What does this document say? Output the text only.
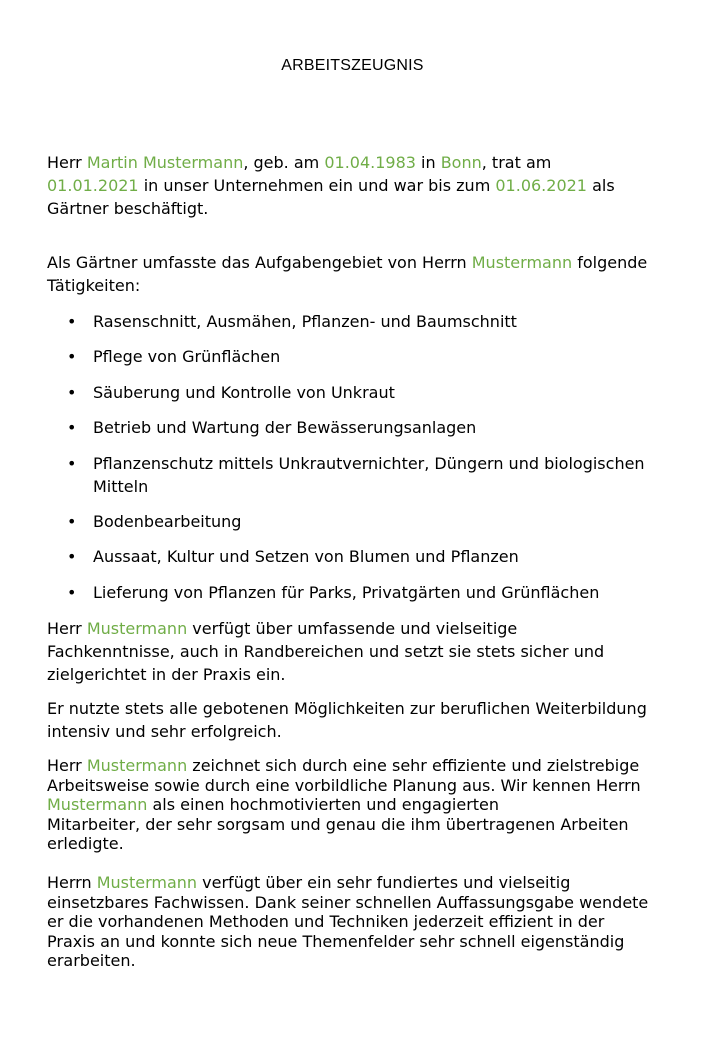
ARBEITSZEUGNIS
Herr Martin Mustermann, geb. am 01.04.1983 in Bonn, trat am
01.01.2021 in unser Unternehmen ein und war bis zum 01.06.2021 als
Gärtner beschäftigt.
Als Gärtner umfasste das Aufgabengebiet von Herrn Mustermann folgende
Tätigkeiten:
• Rasenschnitt, Ausmähen, Pflanzen- und Baumschnitt
• Pflege von Grünflächen
• Säuberung und Kontrolle von Unkraut
• Betrieb und Wartung der Bewässerungsanlagen
• Pflanzenschutz mittels Unkrautvernichter, Düngern und biologischen
Mitteln
• Bodenbearbeitung
• Aussaat, Kultur und Setzen von Blumen und Pflanzen
• Lieferung von Pflanzen für Parks, Privatgärten und Grünflächen
Herr Mustermann verfügt über umfassende und vielseitige
Fachkenntnisse, auch in Randbereichen und setzt sie stets sicher und
zielgerichtet in der Praxis ein.
Er nutzte stets alle gebotenen Möglichkeiten zur beruflichen Weiterbildung
intensiv und sehr erfolgreich.
Herr Mustermann zeichnet sich durch eine sehr effiziente und zielstrebige
Arbeitsweise sowie durch eine vorbildliche Planung aus. Wir kennen Herrn
Mustermann als einen hochmotivierten und engagierten
Mitarbeiter, der sehr sorgsam und genau die ihm übertragenen Arbeiten
erledigte.
Herrn Mustermann verfügt über ein sehr fundiertes und vielseitig
einsetzbares Fachwissen. Dank seiner schnellen Auffassungsgabe wendete
er die vorhandenen Methoden und Techniken jederzeit effizient in der
Praxis an und konnte sich neue Themenfelder sehr schnell eigenständig
erarbeiten.
